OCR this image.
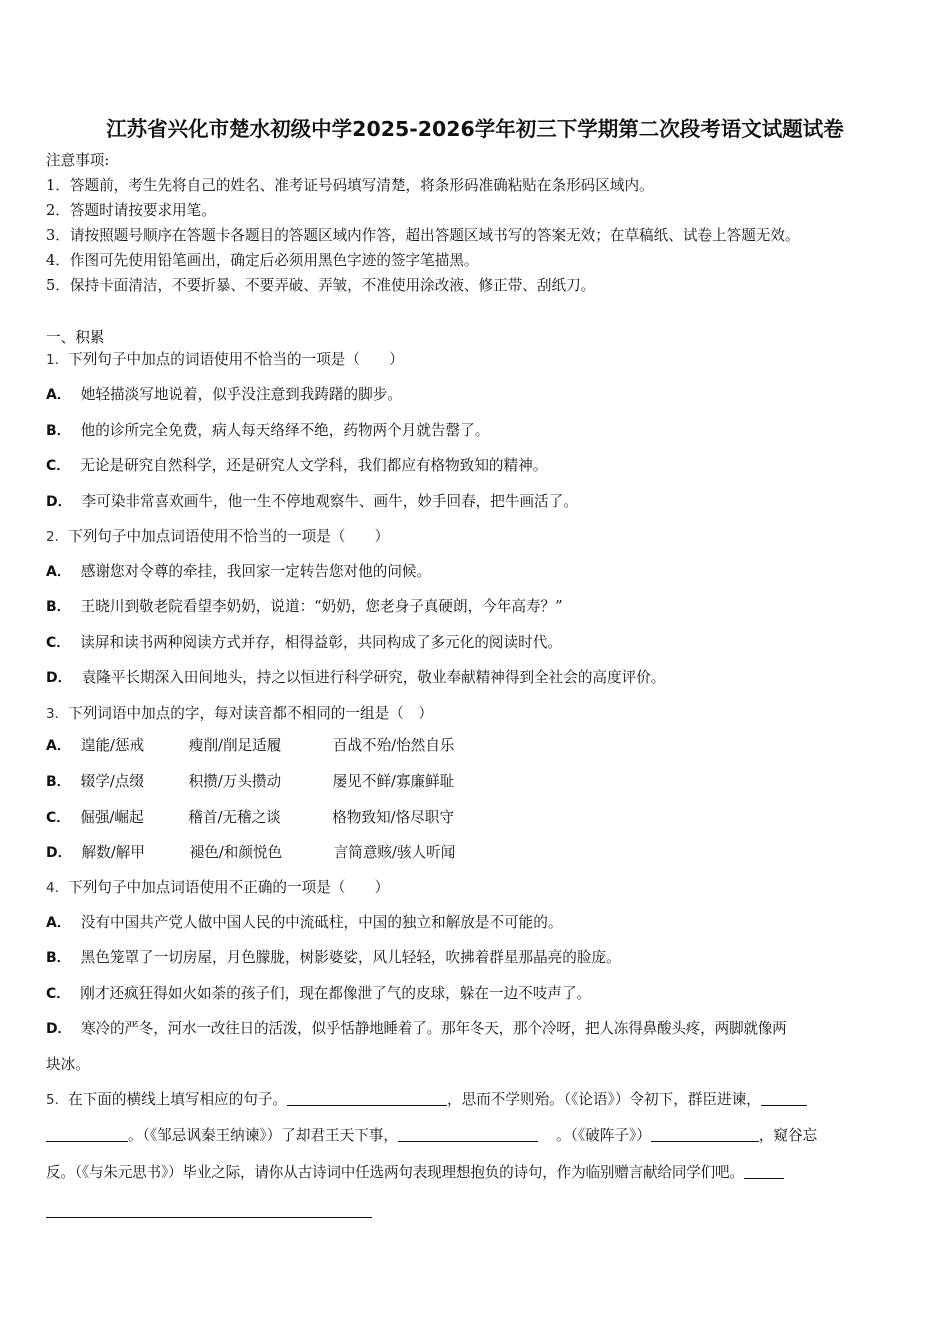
江苏省兴化市楚水初级中学2025-2026学年初三下学期第二次段考语文试题试卷
注意事项:
1．答题前，考生先将自己的姓名、准考证号码填写清楚，将条形码准确粘贴在条形码区域内。
2．答题时请按要求用笔。
3．请按照题号顺序在答题卡各题目的答题区域内作答，超出答题区域书写的答案无效；在草稿纸、试卷上答题无效。
4．作图可先使用铅笔画出，确定后必须用黑色字迹的签字笔描黑。
5．保持卡面清洁，不要折暴、不要弄破、弄皱，不准使用涂改液、修正带、刮纸刀。
一、积累
1．下列句子中加点的词语使用不恰当的一项是（　　）
A． 她轻描淡写地说着，似乎没注意到我踌躇的脚步。
B． 他的诊所完全免费，病人每天络绎不绝，药物两个月就告罄了。
C． 无论是研究自然科学，还是研究人文学科，我们都应有格物致知的精神。
D． 李可染非常喜欢画牛，他一生不停地观察牛、画牛，妙手回春，把牛画活了。
2．下列句子中加点词语使用不恰当的一项是（　　）
A． 感谢您对令尊的牵挂，我回家一定转告您对他的问候。
B． 王晓川到敬老院看望李奶奶，说道：“奶奶，您老身子真硬朗，今年高寿？”
C． 读屏和读书两种阅读方式并存，相得益彰，共同构成了多元化的阅读时代。
D． 袁隆平长期深入田间地头，持之以恒进行科学研究，敬业奉献精神得到全社会的高度评价。
3．下列词语中加点的字，每对读音都不相同的一组是（　）
A． 遑能/惩戒	瘦削/削足适履	百战不殆/怡然自乐
B． 辍学/点缀	积攒/万头攒动	屡见不鲜/寡廉鲜耻
C． 倔强/崛起	稽首/无稽之谈	格物致知/恪尽职守
D． 解数/解甲	褪色/和颜悦色	言简意赅/骇人听闻
4．下列句子中加点词语使用不正确的一项是（　　）
A． 没有中国共产党人做中国人民的中流砥柱，中国的独立和解放是不可能的。
B． 黑色笼罩了一切房屋，月色朦胧，树影婆娑，风儿轻轻，吹拂着群星那晶亮的脸庞。
C． 刚才还疯狂得如火如荼的孩子们，现在都像泄了气的皮球，躲在一边不吱声了。
D． 寒冷的严冬，河水一改往日的活泼，似乎恬静地睡着了。那年冬天，那个冷呀，把人冻得鼻酸头疼，两脚就像两
块冰。
5．在下面的横线上填写相应的句子。	，思而不学则殆。（《论语》）令初下，群臣进谏，
。（《邹忌讽秦王纳谏》）了却君王天下事，	。（《破阵子》）	，窥谷忘
反。（《与朱元思书》）毕业之际，请你从古诗词中任选两句表现理想抱负的诗句，作为临别赠言献给同学们吧。
